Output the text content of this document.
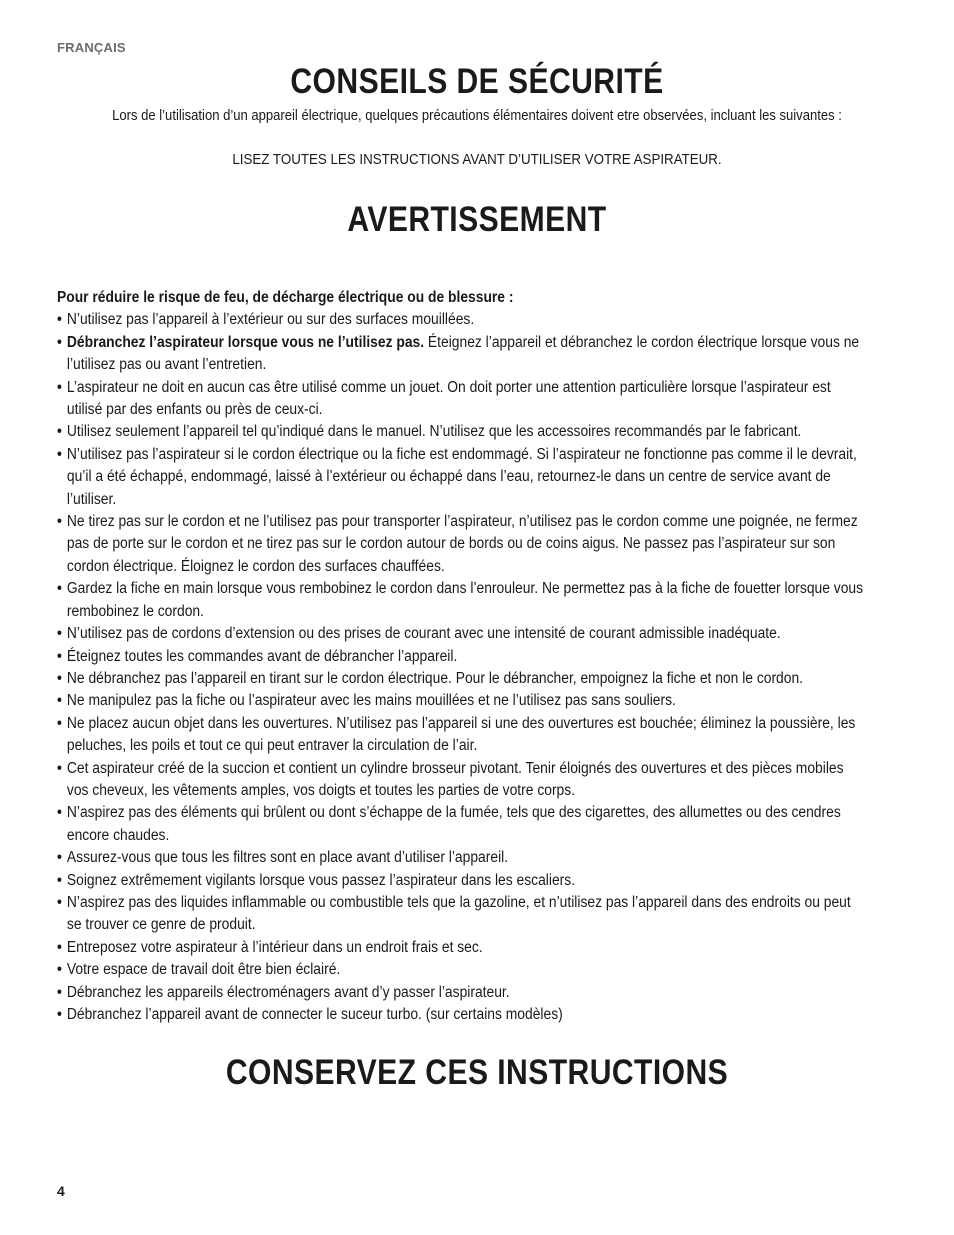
FRANÇAIS
CONSEILS DE SÉCURITÉ
Lors de l’utilisation d’un appareil électrique, quelques précautions élémentaires doivent etre observées, incluant les suivantes :
LISEZ TOUTES LES INSTRUCTIONS AVANT D’UTILISER VOTRE ASPIRATEUR.
AVERTISSEMENT
Pour réduire le risque de feu, de décharge électrique ou de blessure :
• N’utilisez pas l’appareil à l’extérieur ou sur des surfaces mouillées.
• Débranchez l’aspirateur lorsque vous ne l’utilisez pas. Éteignez l’appareil et débranchez le cordon électrique lorsque vous ne l’utilisez pas ou avant l’entretien.
• L’aspirateur ne doit en aucun cas être utilisé comme un jouet. On doit porter une attention particulière lorsque l’aspirateur est utilisé par des enfants ou près de ceux-ci.
• Utilisez seulement l’appareil tel qu’indiqué dans le manuel. N’utilisez que les accessoires recommandés par le fabricant.
• N’utilisez pas l’aspirateur si le cordon électrique ou la fiche est endommagé. Si l’aspirateur ne fonctionne pas comme il le devrait, qu’il a été échappé, endommagé, laissé à l’extérieur ou échappé dans l’eau, retournez-le dans un centre de service avant de l’utiliser.
• Ne tirez pas sur le cordon et ne l’utilisez pas pour transporter l’aspirateur, n’utilisez pas le cordon comme une poignée, ne fermez pas de porte sur le cordon et ne tirez pas sur le cordon autour de bords ou de coins aigus. Ne passez pas l’aspirateur sur son cordon électrique. Éloignez le cordon des surfaces chauffées.
• Gardez la fiche en main lorsque vous rembobinez le cordon dans l’enrouleur. Ne permettez pas à la fiche de fouetter lorsque vous rembobinez le cordon.
• N’utilisez pas de cordons d’extension ou des prises de courant avec une intensité de courant admissible inadéquate.
• Éteignez toutes les commandes avant de débrancher l’appareil.
• Ne débranchez pas l’appareil en tirant sur le cordon électrique. Pour le débrancher, empoignez la fiche et non le cordon.
• Ne manipulez pas la fiche ou l’aspirateur avec les mains mouillées et ne l’utilisez pas sans souliers.
• Ne placez aucun objet dans les ouvertures. N’utilisez pas l’appareil si une des ouvertures est bouchée; éliminez la poussière, les peluches, les poils et tout ce qui peut entraver la circulation de l’air.
• Cet aspirateur créé de la succion et contient un cylindre brosseur pivotant. Tenir éloignés des ouvertures et des pièces mobiles vos cheveux, les vêtements amples, vos doigts et toutes les parties de votre corps.
• N’aspirez pas des éléments qui brûlent ou dont s’échappe de la fumée, tels que des cigarettes, des allumettes ou des cendres encore chaudes.
• Assurez-vous que tous les filtres sont en place avant d’utiliser l’appareil.
• Soignez extrêmement vigilants lorsque vous passez l’aspirateur dans les escaliers.
• N’aspirez pas des liquides inflammable ou combustible tels que la gazoline, et n’utilisez pas l’appareil dans des endroits ou peut se trouver ce genre de produit.
• Entreposez votre aspirateur à l’intérieur dans un endroit frais et sec.
• Votre espace de travail doit être bien éclairé.
• Débranchez les appareils électroménagers avant d’y passer l’aspirateur.
• Débranchez l’appareil avant de connecter le suceur turbo. (sur certains modèles)
CONSERVEZ CES INSTRUCTIONS
4
